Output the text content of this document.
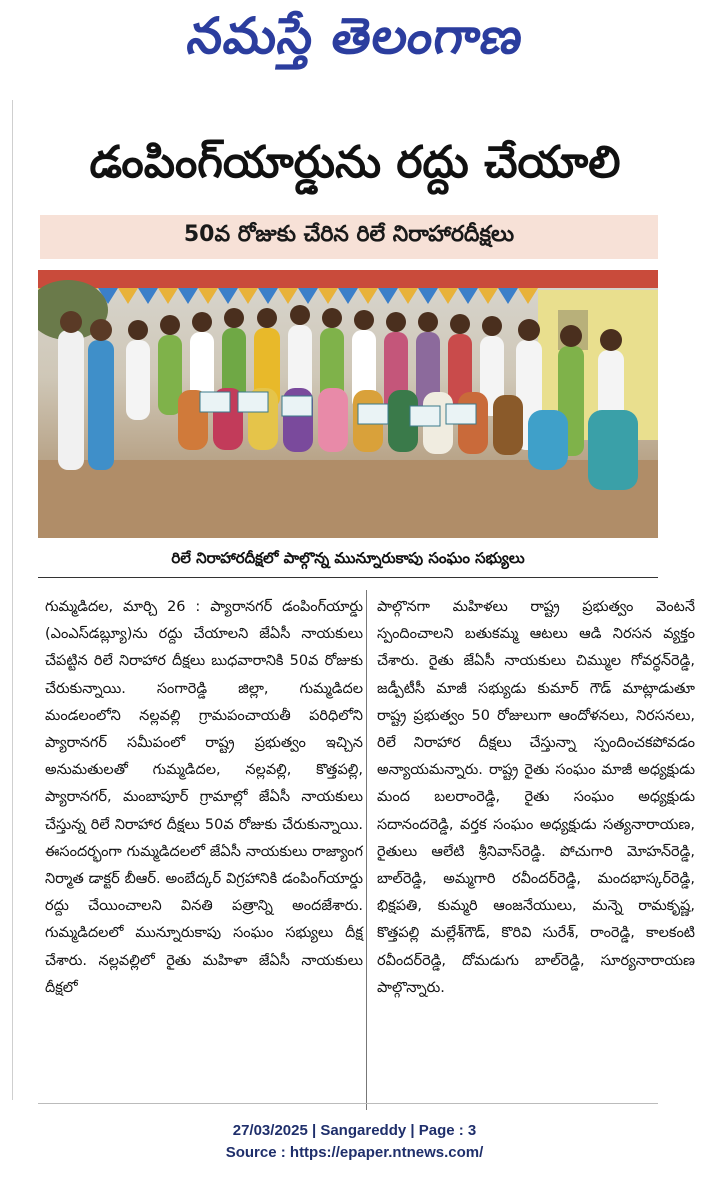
నమస్తే తెలంగాణ
డంపింగ్‌యార్డును రద్దు చేయాలి
50వ రోజుకు చేరిన రిలే నిరాహారదీక్షలు
రిలే నిరాహారదీక్షలో పాల్గొన్న మున్నూరుకాపు సంఘం సభ్యులు

గుమ్మడిదల, మార్చి 26 : ప్యారానగర్ డంపింగ్‌యార్డు (ఎంఎస్‌డబ్ల్యూ)ను రద్దు చేయాలని జేఏసీ నాయకులు చేపట్టిన రిలే నిరాహార దీక్షలు బుధవారానికి 50వ రోజుకు చేరుకున్నాయి. సంగారెడ్డి జిల్లా, గుమ్మడిదల మండలంలోని నల్లవల్లి గ్రామపంచాయతీ పరిధిలోని ప్యారానగర్ సమీపంలో రాష్ట్ర ప్రభుత్వం ఇచ్చిన అనుమతులతో గుమ్మడిదల, నల్లవల్లి, కొత్తపల్లి, ప్యారానగర్, మంబాపూర్ గ్రామాల్లో జేఏసీ నాయకులు చేస్తున్న రిలే నిరాహార దీక్షలు 50వ రోజుకు చేరుకున్నాయి. ఈసందర్భంగా గుమ్మడిదలలో జేఏసీ నాయకులు రాజ్యాంగ నిర్మాత డాక్టర్ బీఆర్. అంబేద్కర్ విగ్రహానికి డంపింగ్‌యార్డు రద్దు చేయించాలని వినతి పత్రాన్ని అందజేశారు. గుమ్మడిదలలో మున్నూరుకాపు సంఘం సభ్యులు దీక్ష చేశారు. నల్లవల్లిలో రైతు మహిళా జేఏసీ నాయకులు దీక్షలో

పాల్గొనగా మహిళలు రాష్ట్ర ప్రభుత్వం వెంటనే స్పందించాలని బతుకమ్మ ఆటలు ఆడి నిరసన వ్యక్తం చేశారు. రైతు జేఏసీ నాయకులు చిమ్ముల గోవర్ధన్‌రెడ్డి, జడ్పీటీసీ మాజీ సభ్యుడు కుమార్ గౌడ్ మాట్లాడుతూ రాష్ట్ర ప్రభుత్వం 50 రోజులుగా ఆందోళనలు, నిరసనలు, రిలే నిరాహార దీక్షలు చేస్తున్నా స్పందించకపోవడం అన్యాయమన్నారు. రాష్ట్ర రైతు సంఘం మాజీ అధ్యక్షుడు మంద బలరాంరెడ్డి, రైతు సంఘం అధ్యక్షుడు సదానందరెడ్డి, వర్తక సంఘం అధ్యక్షుడు సత్యనారాయణ, రైతులు ఆలేటి శ్రీనివాస్‌రెడ్డి. పోచుగారి మోహన్‌రెడ్డి, బాల్‌రెడ్డి, అమ్మగారి రవీందర్‌రెడ్డి, మందభాస్కర్‌రెడ్డి, భిక్షపతి, కుమ్మరి ఆంజనేయులు, మన్నె రామకృష్ణ, కొత్తపల్లి మల్లేశ్‌గౌడ్, కొరివి సురేశ్, రాంరెడ్డి, కాలకంటి రవీందర్‌రెడ్డి, దోమడుగు బాల్‌రెడ్డి, సూర్యనారాయణ పాల్గొన్నారు.

27/03/2025 | Sangareddy | Page : 3
Source : https://epaper.ntnews.com/
